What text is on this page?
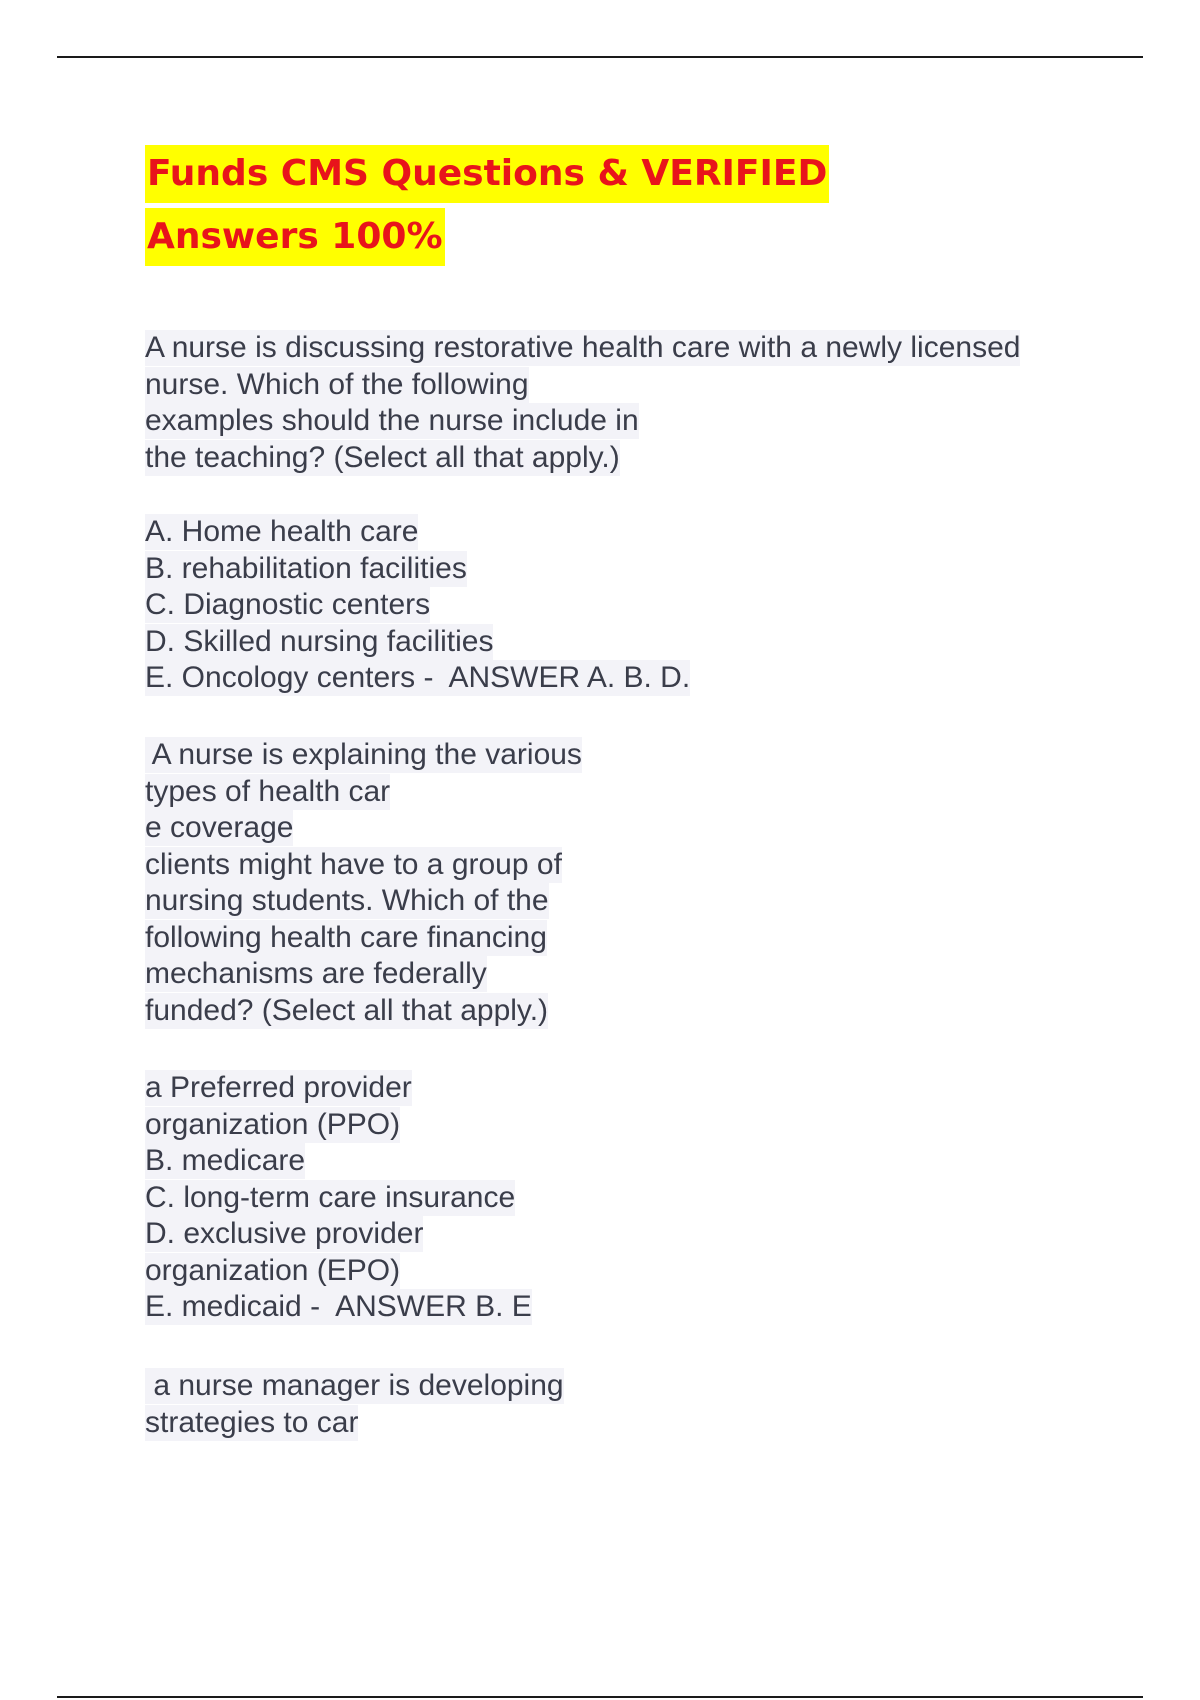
Funds CMS Questions & VERIFIED
Answers 100%
A nurse is discussing restorative health care with a newly licensed
nurse. Which of the following
examples should the nurse include in
the teaching? (Select all that apply.)
A. Home health care
B. rehabilitation facilities
C. Diagnostic centers
D. Skilled nursing facilities
E. Oncology centers -  ANSWER A. B. D.
A nurse is explaining the various
types of health car
e coverage
clients might have to a group of
nursing students. Which of the
following health care financing
mechanisms are federally
funded? (Select all that apply.)
a Preferred provider
organization (PPO)
B. medicare
C. long-term care insurance
D. exclusive provider
organization (EPO)
E. medicaid -  ANSWER B. E
a nurse manager is developing
strategies to car
